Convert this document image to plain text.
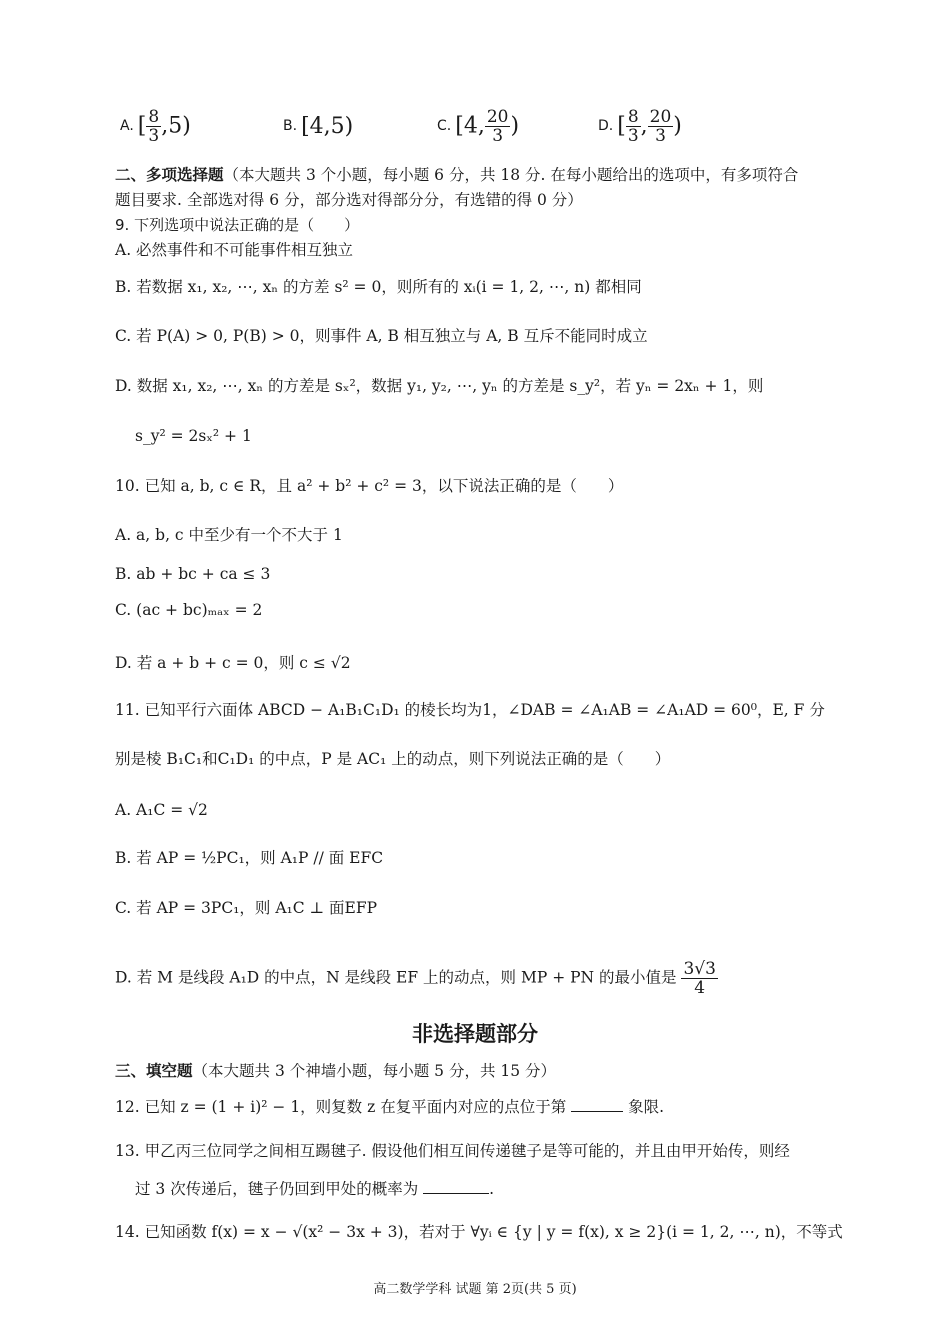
A. [ $\frac{8}{3} ,5$)	B. [4,5)	C. [4, $\frac{20}{3}$ )	D. [ $\frac{8}{3}$ , $\frac{20}{3}$ )
二、多项选择题（本大题共 3 个小题，每小题 6 分，共 18 分. 在每小题给出的选项中，有多项符合
题目要求. 全部选对得 6 分，部分选对得部分分，有选错的得 0 分）
9. 下列选项中说法正确的是（　　）
A. 必然事件和不可能事件相互独立
B. 若数据 x₁, x₂, ⋯, xₙ 的方差 s² = 0，则所有的 xᵢ(i = 1, 2, ⋯, n) 都相同
C. 若 P(A) > 0, P(B) > 0，则事件 A, B 相互独立与 A, B 互斥不能同时成立
D. 数据 x₁, x₂, ⋯, xₙ 的方差是 sₓ²，数据 y₁, y₂, ⋯, yₙ 的方差是 s_y²，若 yₙ = 2xₙ + 1，则
s_y² = 2sₓ² + 1
10. 已知 a, b, c ∈ R，且 a² + b² + c² = 3，以下说法正确的是（　　）
A. a, b, c 中至少有一个不大于 1
B. ab + bc + ca ≤ 3
C. (ac + bc)ₘₐₓ = 2
D. 若 a + b + c = 0，则 c ≤ √2
11. 已知平行六面体 ABCD − A₁B₁C₁D₁ 的棱长均为1，∠DAB = ∠A₁AB = ∠A₁AD = 60⁰，E, F 分
别是棱 B₁C₁和C₁D₁ 的中点，P 是 AC₁ 上的动点，则下列说法正确的是（　　）
A. A₁C = √2
B. 若 AP = ½PC₁，则 A₁P // 面 EFC
C. 若 AP = 3PC₁，则 A₁C ⊥ 面EFP
D. 若 M 是线段 A₁D 的中点，N 是线段 EF 上的动点，则 MP + PN 的最小值是 $\frac{3√3}{4}$
非选择题部分
三、填空题（本大题共 3 个神墙小题，每小题 5 分，共 15 分）
12. 已知 z = (1 + i)² − 1，则复数 z 在复平面内对应的点位于第	象限.
13. 甲乙丙三位同学之间相互踢毽子. 假设他们相互间传递毽子是等可能的，并且由甲开始传，则经
过 3 次传递后，毽子仍回到甲处的概率为	.
14. 已知函数 f(x) = x − √(x² − 3x + 3)，若对于 ∀yᵢ ∈ {y | y = f(x), x ≥ 2}(i = 1, 2, ⋯, n)，不等式
高二数学学科 试题 第 2页(共 5 页)
